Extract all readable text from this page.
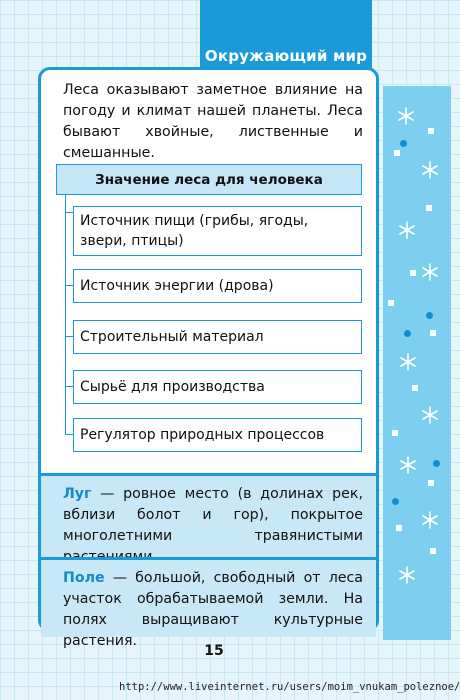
Окружающий мир

Леса оказывают заметное влияние на погоду и климат нашей планеты. Леса бывают хвойные, лиственные и смешанные.

Значение леса для человека
Источник пищи (грибы, ягоды, звери, птицы)
Источник энергии (дрова)
Строительный материал
Сырьё для производства
Регулятор природных процессов

Луг — ровное место (в долинах рек, вблизи болот и гор), покрытое многолетними травянистыми

Поле — большой, свободный от леса участок обрабатываемой земли. На полях выращивают культурные растения.

15
http://www.liveinternet.ru/users/moim_vnukam_poleznoe/
